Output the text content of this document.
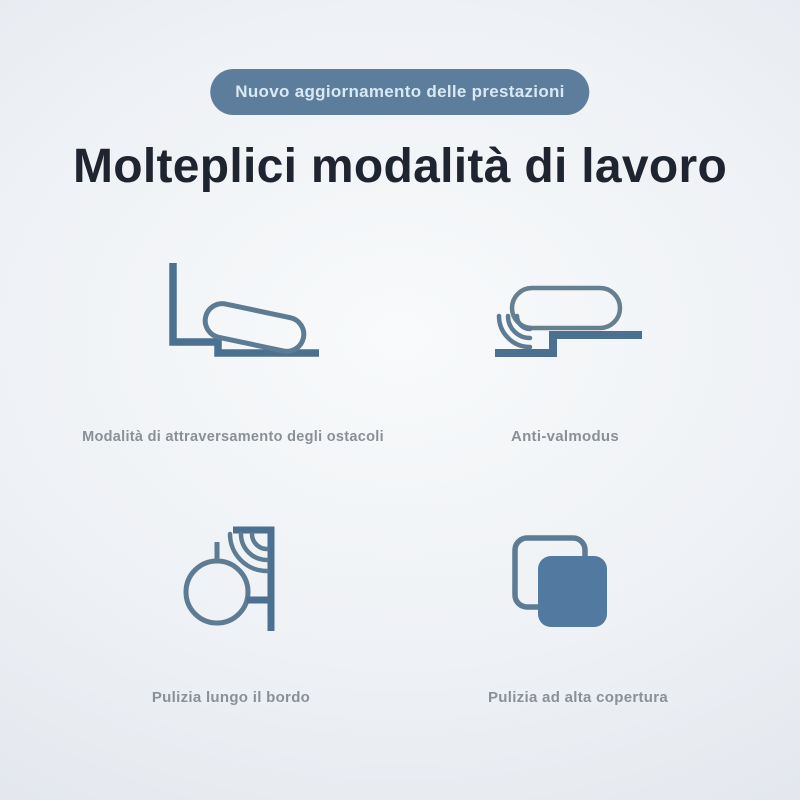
Nuovo aggiornamento delle prestazioni
Molteplici modalità di lavoro
Modalità di attraversamento degli ostacoli	Anti-valmodus
Pulizia lungo il bordo	Pulizia ad alta copertura
